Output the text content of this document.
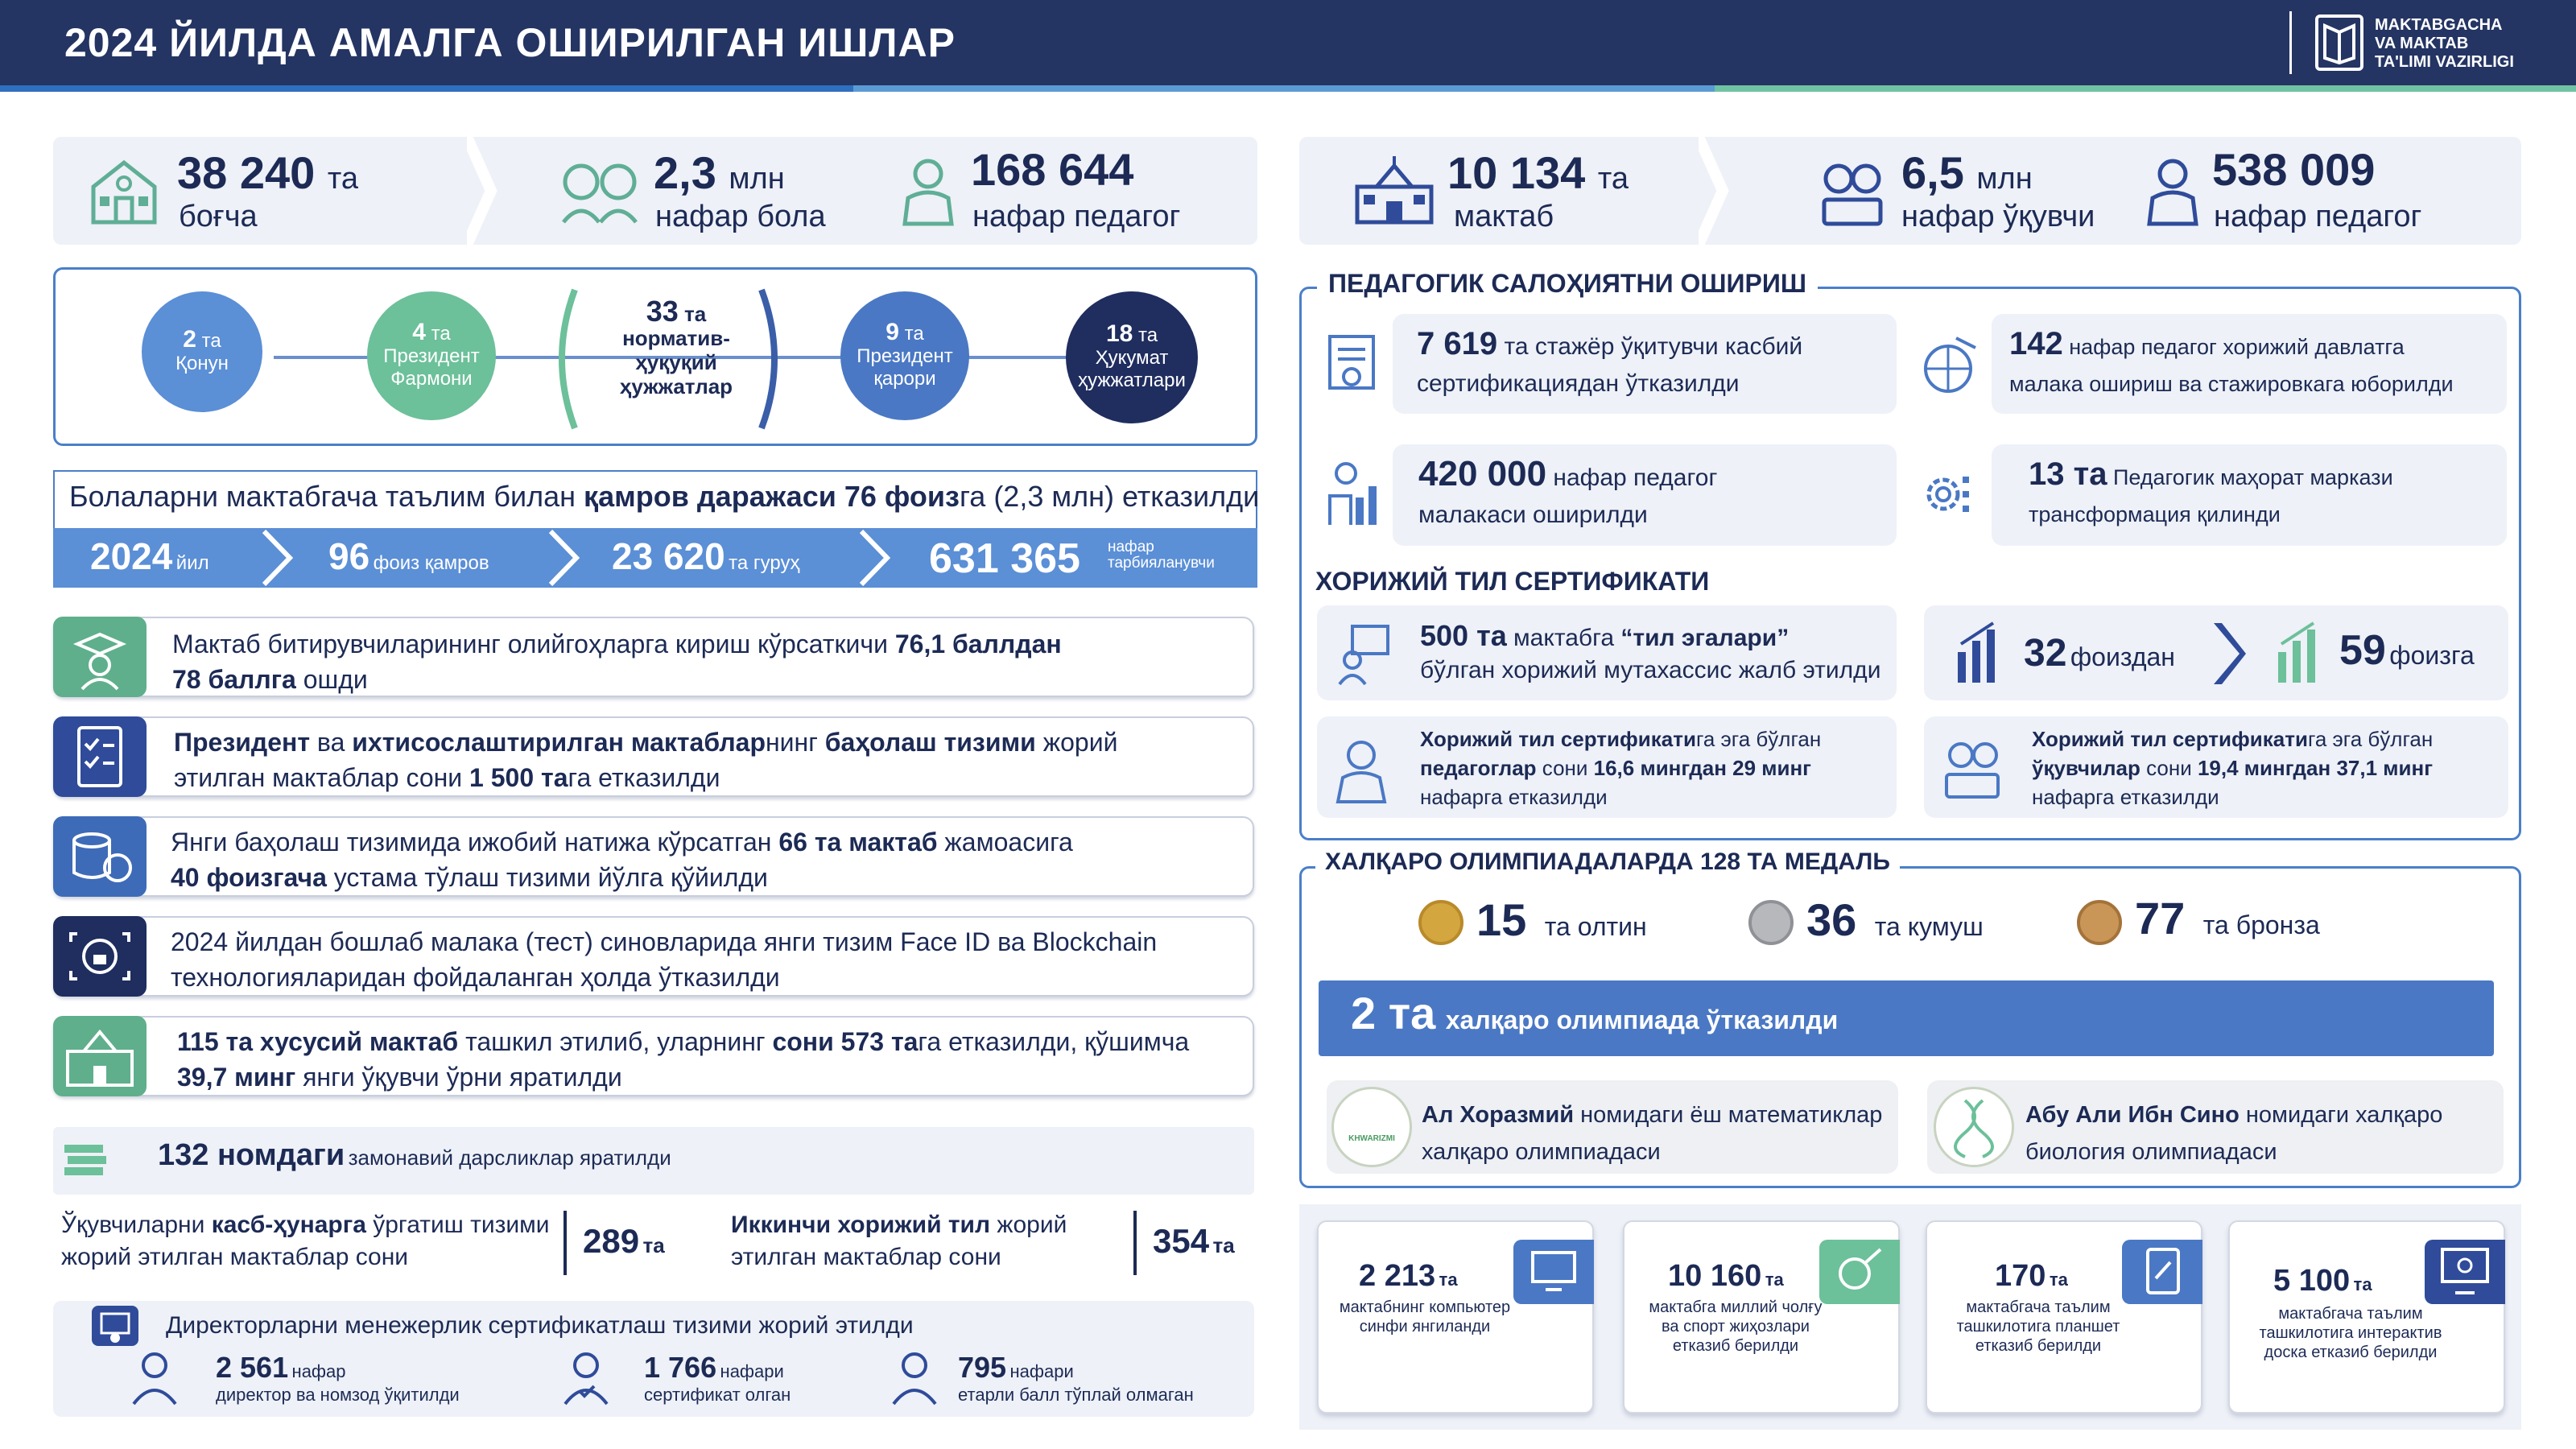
2024 ЙИЛДА АМАЛГА ОШИРИЛГАН ИШЛАР	MAKTABGACHA
VA MAKTAB
TA'LIMI VAZIRLIGI
38 240 та
боғча
2,3 млн
нафар бола
168 644
нафар педагог
10 134 та
мактаб
6,5 млн
нафар ўқувчи
538 009
нафар педагог
2 та
Қонун
4 та
Президент Фармони
33 та
норматив-ҳуқуқий ҳужжатлар
9 та
Президент қарори
18 та
Ҳукумат ҳужжатлари
Болаларни мактабгача таълим билан қамров даражаси 76 фоизга (2,3 млн) етказилди
2024 йил	96 фоиз қамров	23 620 та гуруҳ	631 365 нафар тарбияланувчи
Мактаб битирувчиларининг олийгоҳларга кириш кўрсаткичи 76,1 баллдан
78 баллга ошди
Президент ва ихтисослаштирилган мактабларнинг баҳолаш тизими жорий
этилган мактаблар сони 1 500 тага етказилди
Янги баҳолаш тизимида ижобий натижа кўрсатган 66 та мактаб жамоасига
40 фоизгача устама тўлаш тизими йўлга қўйилди
2024 йилдан бошлаб малака (тест) синовларида янги тизим Face ID ва Blockchain
технологияларидан фойдаланган ҳолда ўтказилди
115 та хусусий мактаб ташкил этилиб, уларнинг сони 573 тага етказилди, қўшимча
39,7 минг янги ўқувчи ўрни яратилди
132 номдаги замонавий дарсликлар яратилди
Ўқувчиларни касб-ҳунарга ўргатиш тизими
жорий этилган мактаблар сони	289 та
Иккинчи хорижий тил жорий
этилган мактаблар сони	354 та
Директорларни менежерлик сертификатлаш тизими жорий этилди
2 561 нафар
директор ва номзод ўқитилди
1 766 нафари
сертификат олган
795 нафари
етарли балл тўплай олмаган
ПЕДАГОГИК САЛОҲИЯТНИ ОШИРИШ
7 619 та стажёр ўқитувчи касбий
сертификациядан ўтказилди
142 нафар педагог хорижий давлатга
малака ошириш ва стажировкага юборилди
420 000 нафар педагог
малакаси оширилди
13 та Педагогик маҳорат маркази
трансформация қилинди
ХОРИЖИЙ ТИЛ СЕРТИФИКАТИ
500 та мактабга “тил эгалари”
бўлган хорижий мутахассис жалб этилди	32 фоиздан	59 фоизга
Хорижий тил сертификатига эга бўлган
педагоглар сони 16,6 мингдан 29 минг
нафарга етказилди
Хорижий тил сертификатига эга бўлган
ўқувчилар сони 19,4 мингдан 37,1 минг
нафарга етказилди
ХАЛҚАРО ОЛИМПИАДАЛАРДА 128 ТА МЕДАЛЬ
15 та олтин	36 та кумуш	77 та бронза
2 та халқаро олимпиада ўтказилди
KHWARIZMI
Ал Хоразмий номидаги ёш математиклар
халқаро олимпиадаси
Абу Али Ибн Сино номидаги халқаро
биология олимпиадаси
2 213 та
мактабнинг компьютер синфи янгиланди
10 160 та
мактабга миллий чолғу ва спорт жиҳозлари етказиб берилди
170 та
мактабгача таълим ташкилотига планшет етказиб берилди
5 100 та
мактабгача таълим ташкилотига интерактив доска етказиб берилди
